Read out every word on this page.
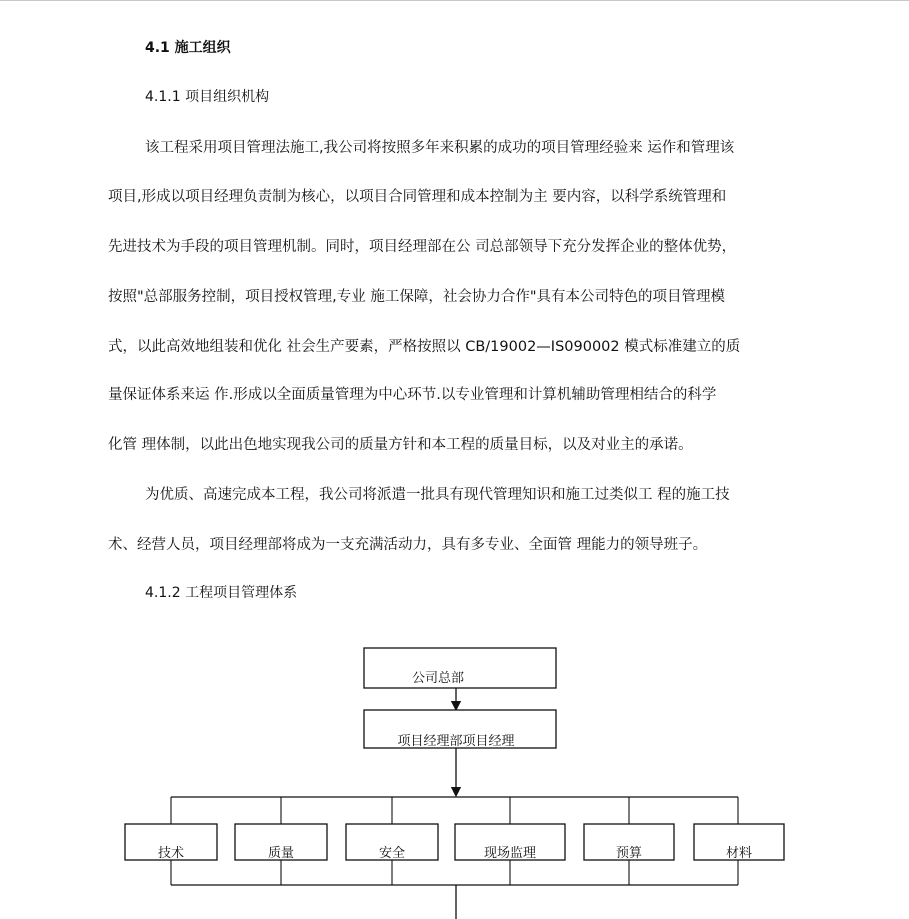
4.1 施工组织
4.1.1 项目组织机构
该工程采用项目管理法施工,我公司将按照多年来积累的成功的项目管理经验来 运作和管理该
项目,形成以项目经理负责制为核心，以项目合同管理和成本控制为主 要内容，以科学系统管理和
先进技术为手段的项目管理机制。同时，项目经理部在公 司总部领导下充分发挥企业的整体优势，
按照"总部服务控制，项目授权管理,专业 施工保障，社会协力合作"具有本公司特色的项目管理模
式，以此高效地组装和优化 社会生产要素，严格按照以 CB/19002—IS090002 模式标准建立的质
量保证体系来运 作.形成以全面质量管理为中心环节.以专业管理和计算机辅助管理相结合的科学
化管 理体制，以此出色地实现我公司的质量方针和本工程的质量目标，以及对业主的承诺。
为优质、高速完成本工程，我公司将派遣一批具有现代管理知识和施工过类似工 程的施工技
术、经营人员，项目经理部将成为一支充满活动力，具有多专业、全面管 理能力的领导班子。
4.1.2 工程项目管理体系
公司总部
项目经理部项目经理
技术	质量	安全	现场监理	预算	材料
